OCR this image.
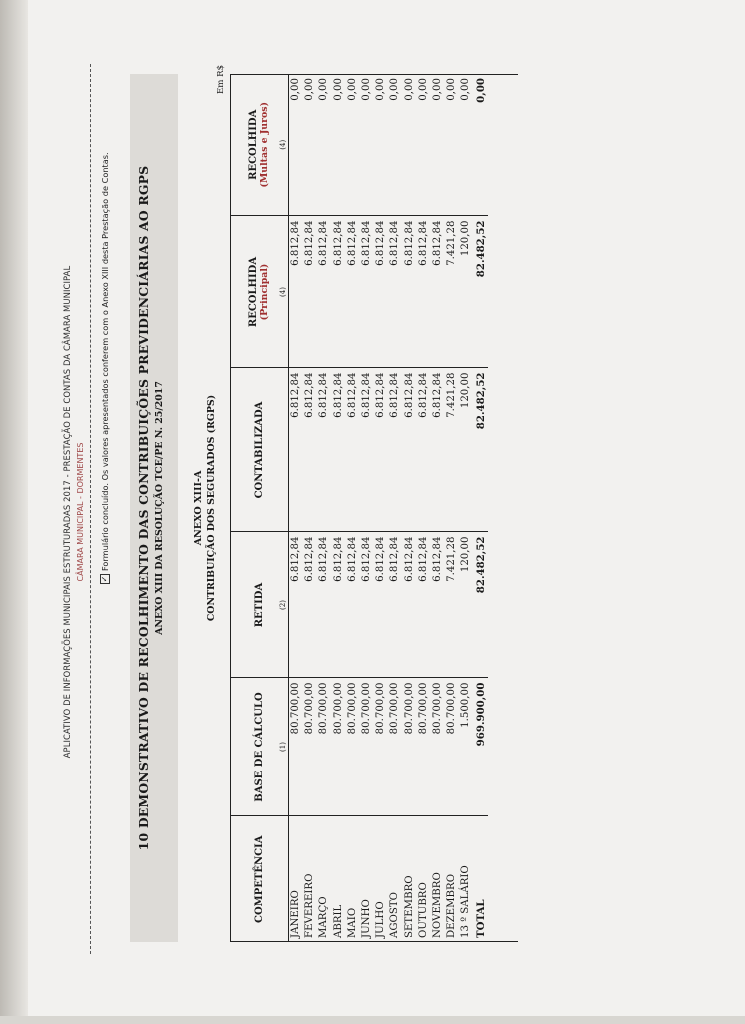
APLICATIVO DE INFORMAÇÕES MUNICIPAIS ESTRUTURADAS 2017 - PRESTAÇÃO DE CONTAS DA CÂMARA MUNICIPAL CÂMARA MUNICIPAL - DORMENTES ✓
Formulário concluído. Os valores apresentados conferem com o Anexo XIII desta Prestação de Contas. 10 DEMONSTRATIVO DE RECOLHIMENTO DAS CONTRIBUIÇÕES PREVIDENCIÁRIAS AO RGPS ANEXO XIII DA RESOLUÇÃO TCE/PE N. 25/2017	ANEXO XIII-A CONTRIBUIÇÃO DOS SEGURADOS (RGPS)
Em R$
COMPETÊNCIA	BASE DE CÁLCULO (1)	RETIDA (2)	CONTABILIZADA	RECOLHIDA (Principal) (4)	RECOLHIDA (Multas e Juros) (4)

JANEIRO	80.700,00	6.812,84	6.812,84	6.812,84	0,00
FEVEREIRO	80.700,00	6.812,84	6.812,84	6.812,84	0,00
MARÇO	80.700,00	6.812,84	6.812,84	6.812,84	0,00
ABRIL	80.700,00	6.812,84	6.812,84	6.812,84	0,00
MAIO	80.700,00	6.812,84	6.812,84	6.812,84	0,00
JUNHO	80.700,00	6.812,84	6.812,84	6.812,84	0,00
JULHO	80.700,00	6.812,84	6.812,84	6.812,84	0,00
AGOSTO	80.700,00	6.812,84	6.812,84	6.812,84	0,00
SETEMBRO	80.700,00	6.812,84	6.812,84	6.812,84	0,00
OUTUBRO	80.700,00	6.812,84	6.812,84	6.812,84	0,00
NOVEMBRO	80.700,00	6.812,84	6.812,84	6.812,84	0,00
DEZEMBRO	80.700,00	7.421,28	7.421,28	7.421,28	0,00
13 º SALÁRIO	1.500,00	120,00	120,00	120,00	0,00
TOTAL	969.900,00	82.482,52	82.482,52	82.482,52	0,00
